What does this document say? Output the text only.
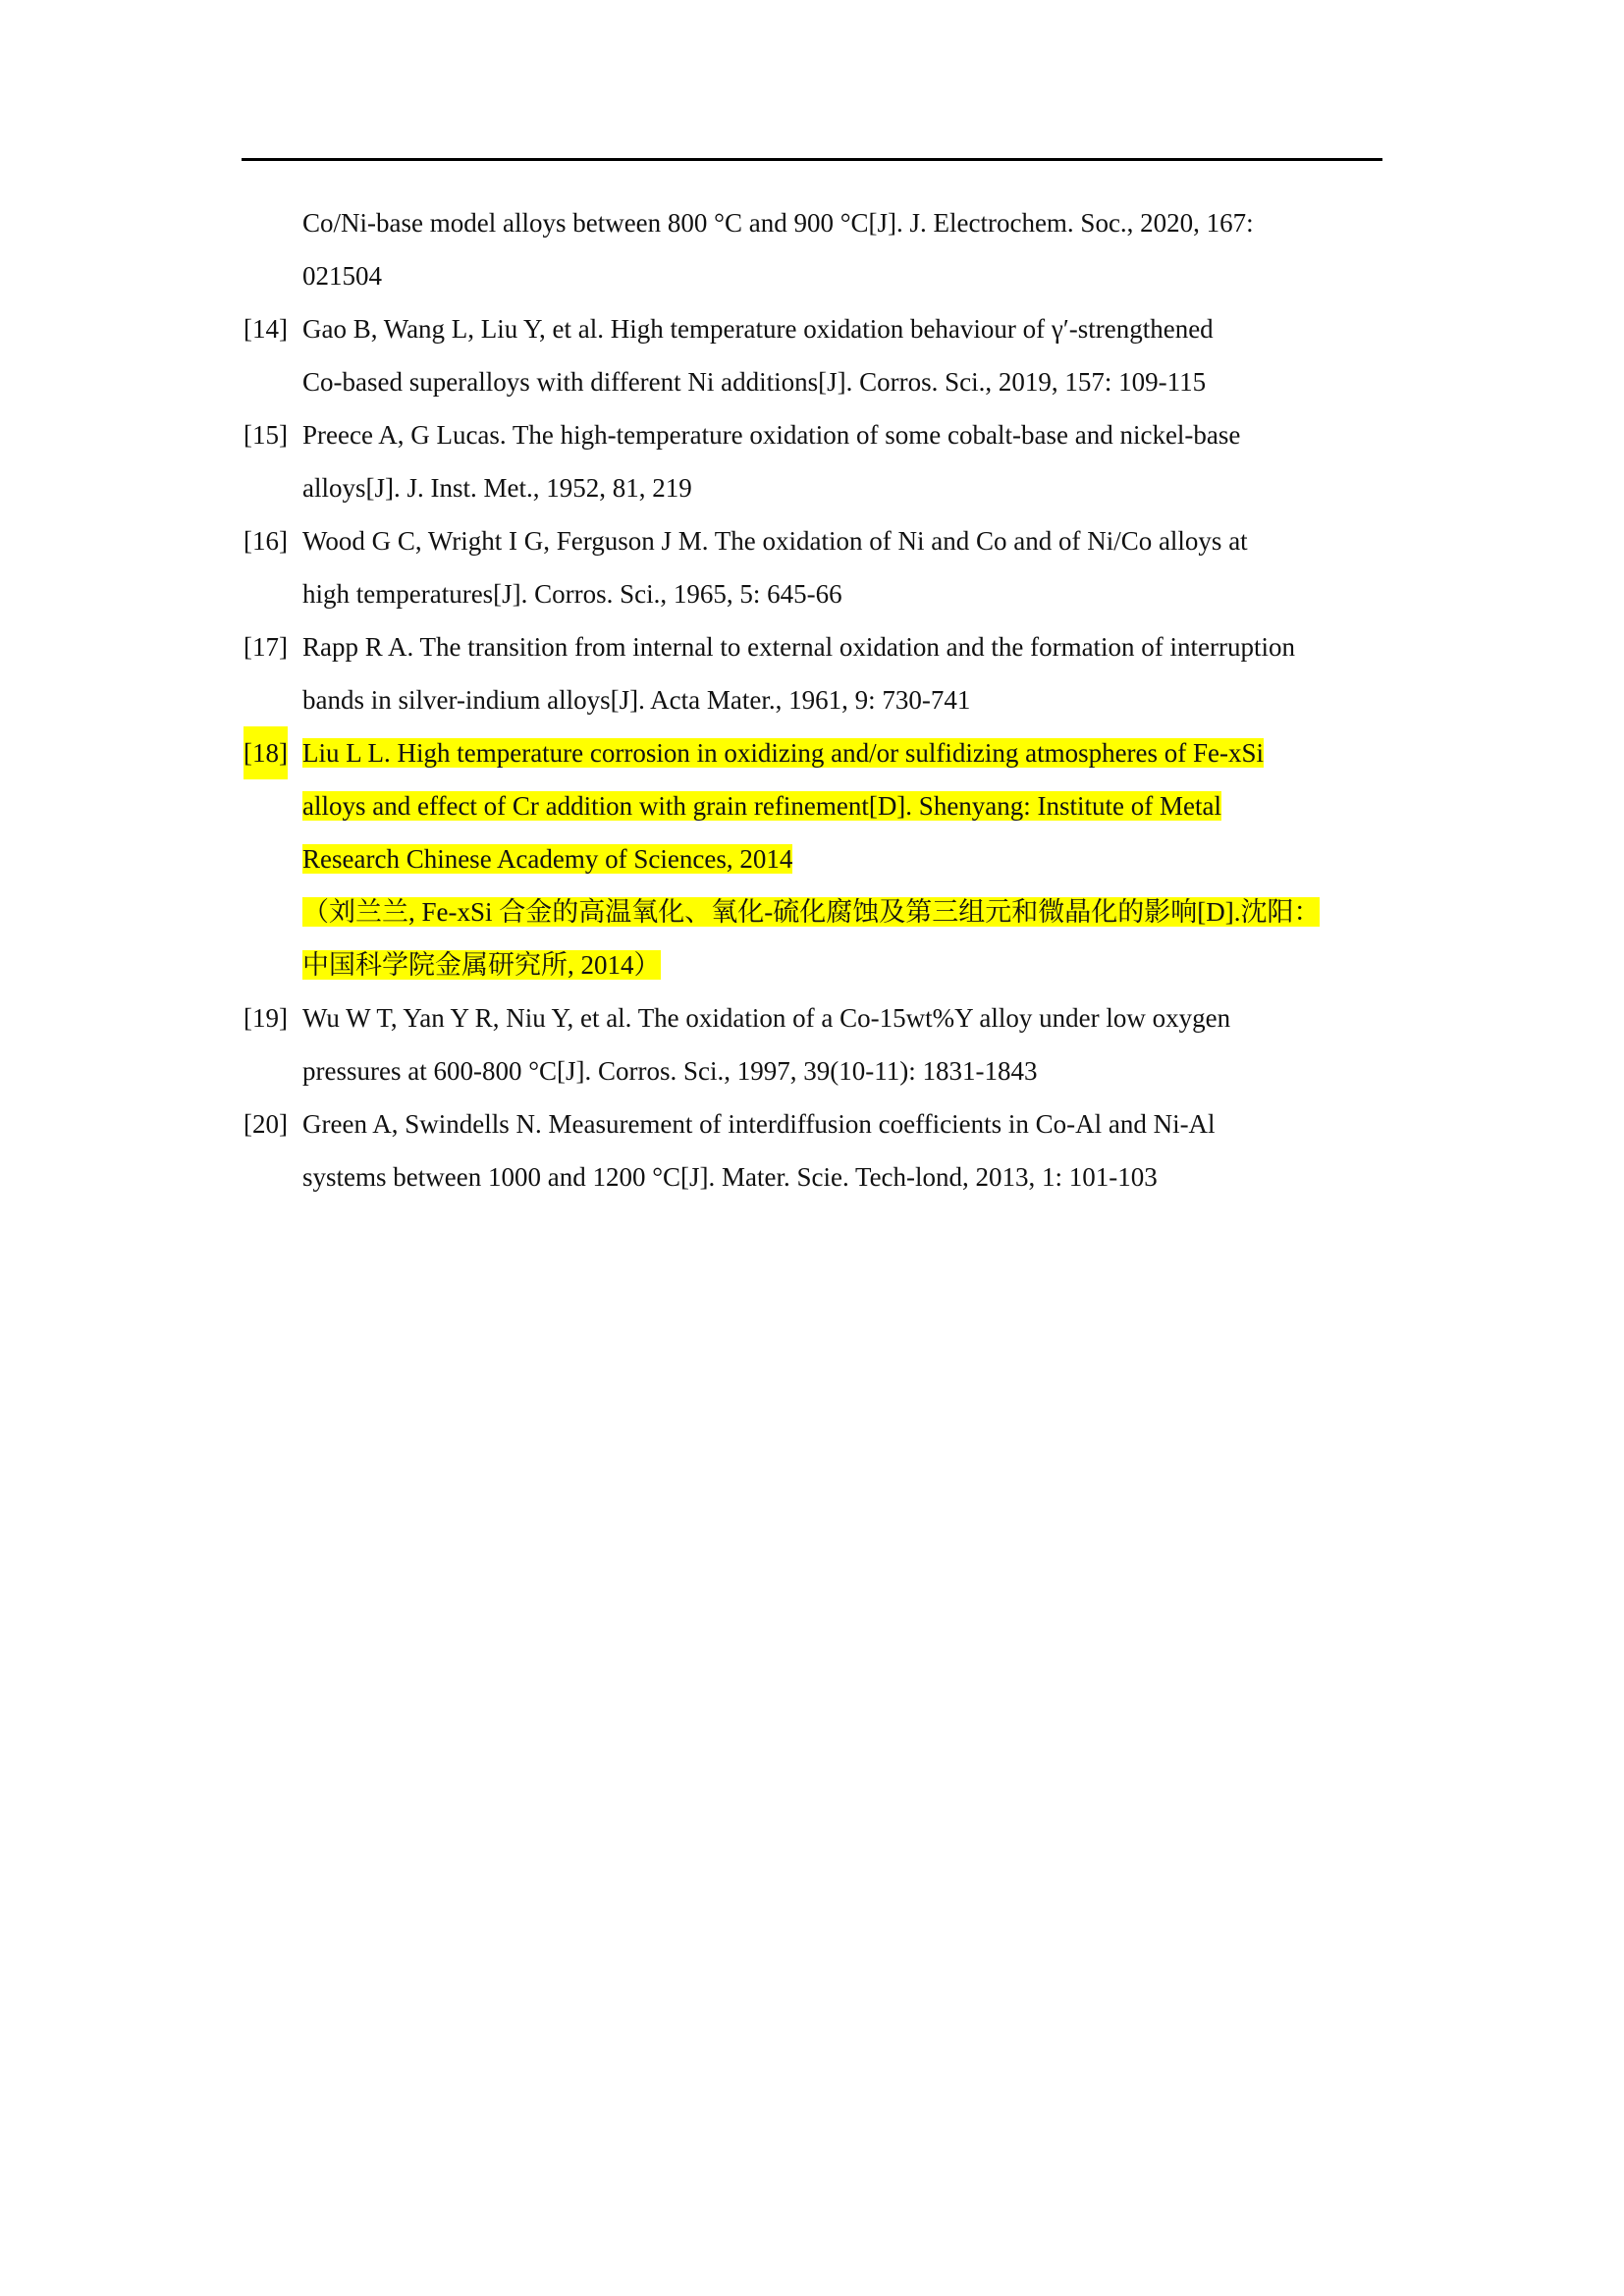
Co/Ni-base model alloys between 800 °C and 900 °C[J]. J. Electrochem. Soc., 2020, 167:
021504
[14] Gao B, Wang L, Liu Y, et al. High temperature oxidation behaviour of γʹ-strengthened
Co-based superalloys with different Ni additions[J]. Corros. Sci., 2019, 157: 109-115
[15] Preece A, G Lucas. The high-temperature oxidation of some cobalt-base and nickel-base
alloys[J]. J. Inst. Met., 1952, 81, 219
[16] Wood G C, Wright I G, Ferguson J M. The oxidation of Ni and Co and of Ni/Co alloys at
high temperatures[J]. Corros. Sci., 1965, 5: 645-66
[17] Rapp R A. The transition from internal to external oxidation and the formation of interruption
bands in silver-indium alloys[J]. Acta Mater., 1961, 9: 730-741
[18] Liu L L. High temperature corrosion in oxidizing and/or sulfidizing atmospheres of Fe-xSi
alloys and effect of Cr addition with grain refinement[D]. Shenyang: Institute of Metal
Research Chinese Academy of Sciences, 2014
（刘兰兰, Fe-xSi 合金的高温氧化、氧化-硫化腐蚀及第三组元和微晶化的影响[D].沈阳：
中国科学院金属研究所, 2014）
[19] Wu W T, Yan Y R, Niu Y, et al. The oxidation of a Co-15wt%Y alloy under low oxygen
pressures at 600-800 °C[J]. Corros. Sci., 1997, 39(10-11): 1831-1843
[20] Green A, Swindells N. Measurement of interdiffusion coefficients in Co-Al and Ni-Al
systems between 1000 and 1200 °C[J]. Mater. Scie. Tech-lond, 2013, 1: 101-103
